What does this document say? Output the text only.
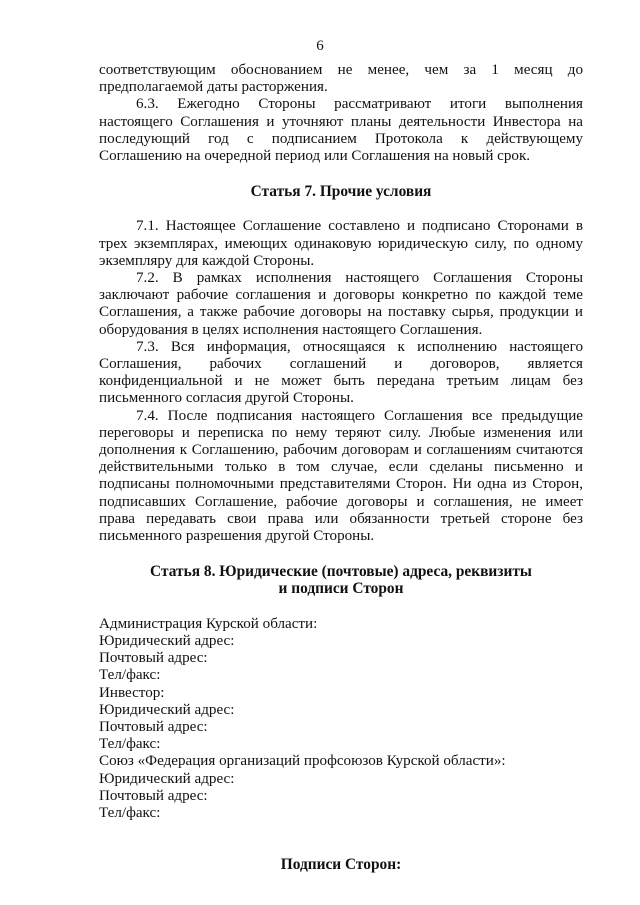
6

соответствующим обоснованием не менее, чем за 1 месяц до предполагаемой даты расторжения.

6.3. Ежегодно Стороны рассматривают итоги выполнения настоящего Соглашения и уточняют планы деятельности Инвестора на последующий год с подписанием Протокола к действующему Соглашению на очередной период или Соглашения на новый срок.

Статья 7. Прочие условия

7.1. Настоящее Соглашение составлено и подписано Сторонами в трех экземплярах, имеющих одинаковую юридическую силу, по одному экземпляру для каждой Стороны.

7.2. В рамках исполнения настоящего Соглашения Стороны заключают рабочие соглашения и договоры конкретно по каждой теме Соглашения, а также рабочие договоры на поставку сырья, продукции и оборудования в целях исполнения настоящего Соглашения.

7.3. Вся информация, относящаяся к исполнению настоящего Соглашения, рабочих соглашений и договоров, является конфиденциальной и не может быть передана третьим лицам без письменного согласия другой Стороны.

7.4. После подписания настоящего Соглашения все предыдущие переговоры и переписка по нему теряют силу. Любые изменения или дополнения к Соглашению, рабочим договорам и соглашениям считаются действительными только в том случае, если сделаны письменно и подписаны полномочными представителями Сторон. Ни одна из Сторон, подписавших Соглашение, рабочие договоры и соглашения, не имеет права передавать свои права или обязанности третьей стороне без письменного разрешения другой Стороны.

Статья 8. Юридические (почтовые) адреса, реквизиты
и подписи Сторон

Администрация Курской области:
Юридический адрес:
Почтовый адрес:
Тел/факс:
Инвестор:
Юридический адрес:
Почтовый адрес:
Тел/факс:
Союз «Федерация организаций профсоюзов Курской области»:
Юридический адрес:
Почтовый адрес:
Тел/факс:

Подписи Сторон:
